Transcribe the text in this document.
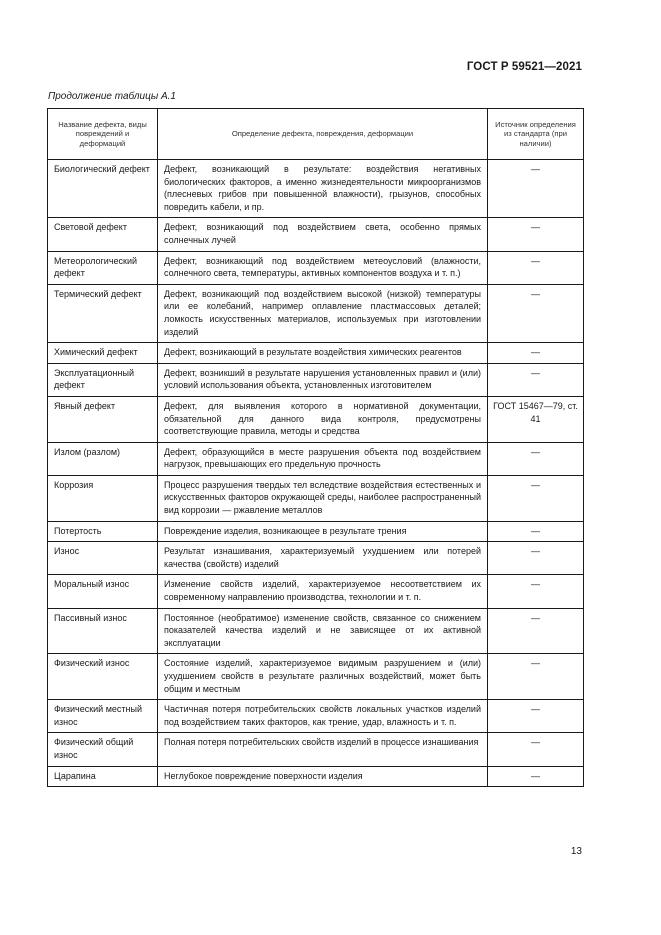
ГОСТ Р 59521—2021
Продолжение таблицы А.1
Название дефекта, виды повреждений и деформаций	Определение дефекта, повреждения, деформации	Источник определения из стандарта (при наличии)
Биологический дефект	Дефект, возникающий в результате: воздействия негативных биологических факторов, а именно жизнедеятельности микроорганизмов (плесневых грибов при повышенной влажности), грызунов, способных повредить кабели, и пр.	—
Световой дефект	Дефект, возникающий под воздействием света, особенно прямых солнечных лучей	—
Метеорологический дефект	Дефект, возникающий под воздействием метеоусловий (влажности, солнечного света, температуры, активных компонентов воздуха и т. п.)	—
Термический дефект	Дефект, возникающий под воздействием высокой (низкой) температуры или ее колебаний, например оплавление пластмассовых деталей; ломкость искусственных материалов, используемых при изготовлении изделий	—
Химический дефект	Дефект, возникающий в результате воздействия химических реагентов	—
Эксплуатационный дефект	Дефект, возникший в результате нарушения установленных правил и (или) условий использования объекта, установленных изготовителем	—
Явный дефект	Дефект, для выявления которого в нормативной документации, обязательной для данного вида контроля, предусмотрены соответствующие правила, методы и средства	ГОСТ 15467—79, ст. 41
Излом (разлом)	Дефект, образующийся в месте разрушения объекта под воздействием нагрузок, превышающих его предельную прочность	—
Коррозия	Процесс разрушения твердых тел вследствие воздействия естественных и искусственных факторов окружающей среды, наиболее распространенный вид коррозии — ржавление металлов	—
Потертость	Повреждение изделия, возникающее в результате трения	—
Износ	Результат изнашивания, характеризуемый ухудшением или потерей качества (свойств) изделий	—
Моральный износ	Изменение свойств изделий, характеризуемое несоответствием их современному направлению производства, технологии и т. п.	—
Пассивный износ	Постоянное (необратимое) изменение свойств, связанное со снижением показателей качества изделий и не зависящее от их активной эксплуатации	—
Физический износ	Состояние изделий, характеризуемое видимым разрушением и (или) ухудшением свойств в результате различных воздействий, может быть общим и местным	—
Физический местный износ	Частичная потеря потребительских свойств локальных участков изделий под воздействием таких факторов, как трение, удар, влажность и т. п.	—
Физический общий износ	Полная потеря потребительских свойств изделий в процессе изнашивания	—
Царапина	Неглубокое повреждение поверхности изделия	—
13
